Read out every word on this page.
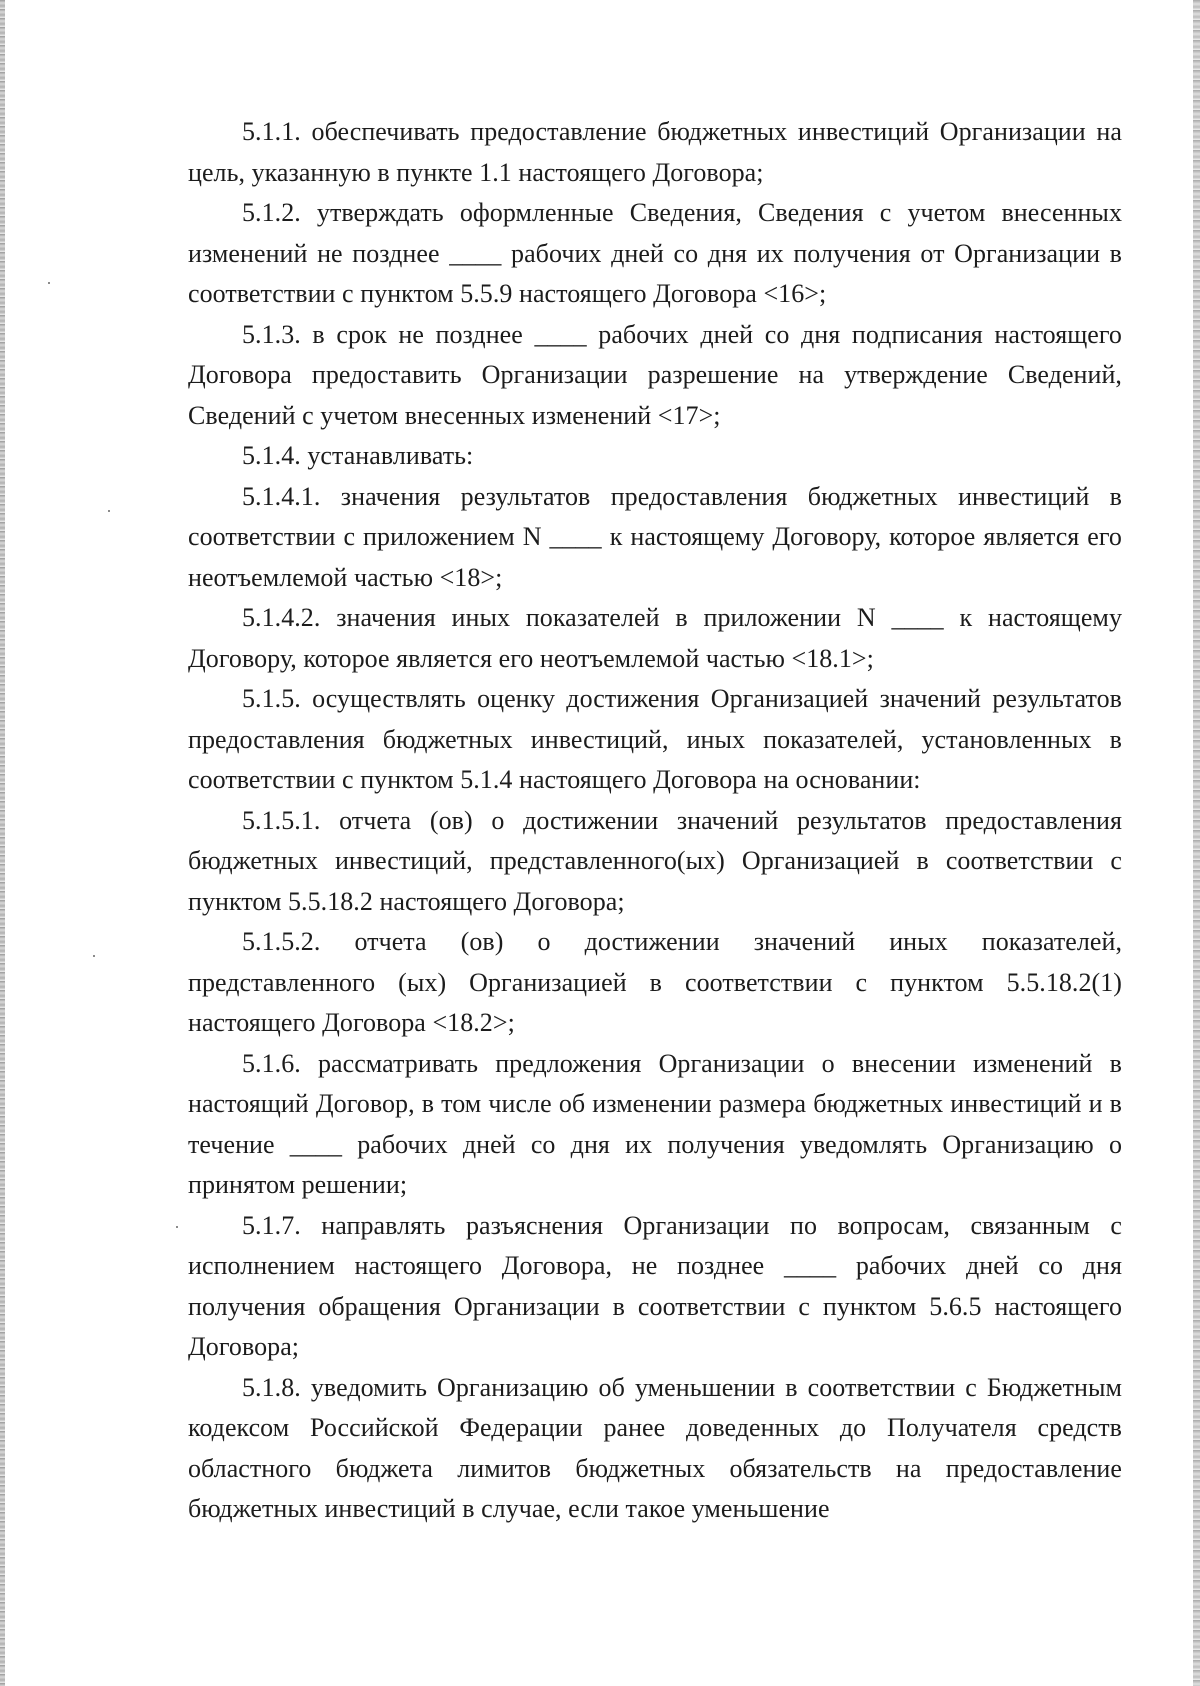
5.1.1. обеспечивать предоставление бюджетных инвестиций Организации на цель, указанную в пункте 1.1 настоящего Договора;

5.1.2. утверждать оформленные Сведения, Сведения с учетом внесенных изменений не позднее ____ рабочих дней со дня их получения от Организации в соответствии с пунктом 5.5.9 настоящего Договора <16>;

5.1.3. в срок не позднее ____ рабочих дней со дня подписания настоящего Договора предоставить Организации разрешение на утверждение Сведений, Сведений с учетом внесенных изменений <17>;

5.1.4. устанавливать:

5.1.4.1. значения результатов предоставления бюджетных инвестиций в соответствии с приложением N ____ к настоящему Договору, которое является его неотъемлемой частью <18>;

5.1.4.2. значения иных показателей в приложении N ____ к настоящему Договору, которое является его неотъемлемой частью <18.1>;

5.1.5. осуществлять оценку достижения Организацией значений результатов предоставления бюджетных инвестиций, иных показателей, установленных в соответствии с пунктом 5.1.4 настоящего Договора на основании:

5.1.5.1. отчета (ов) о достижении значений результатов предоставления бюджетных инвестиций, представленного(ых) Организацией в соответствии с пунктом 5.5.18.2 настоящего Договора;

5.1.5.2. отчета (ов) о достижении значений иных показателей, представленного (ых) Организацией в соответствии с пунктом 5.5.18.2(1) настоящего Договора <18.2>;

5.1.6. рассматривать предложения Организации о внесении изменений в настоящий Договор, в том числе об изменении размера бюджетных инвестиций и в течение ____ рабочих дней со дня их получения уведомлять Организацию о принятом решении;

5.1.7. направлять разъяснения Организации по вопросам, связанным с исполнением настоящего Договора, не позднее ____ рабочих дней со дня получения обращения Организации в соответствии с пунктом 5.6.5 настоящего Договора;

5.1.8. уведомить Организацию об уменьшении в соответствии с Бюджетным кодексом Российской Федерации ранее доведенных до Получателя средств областного бюджета лимитов бюджетных обязательств на предоставление бюджетных инвестиций в случае, если такое уменьшение
